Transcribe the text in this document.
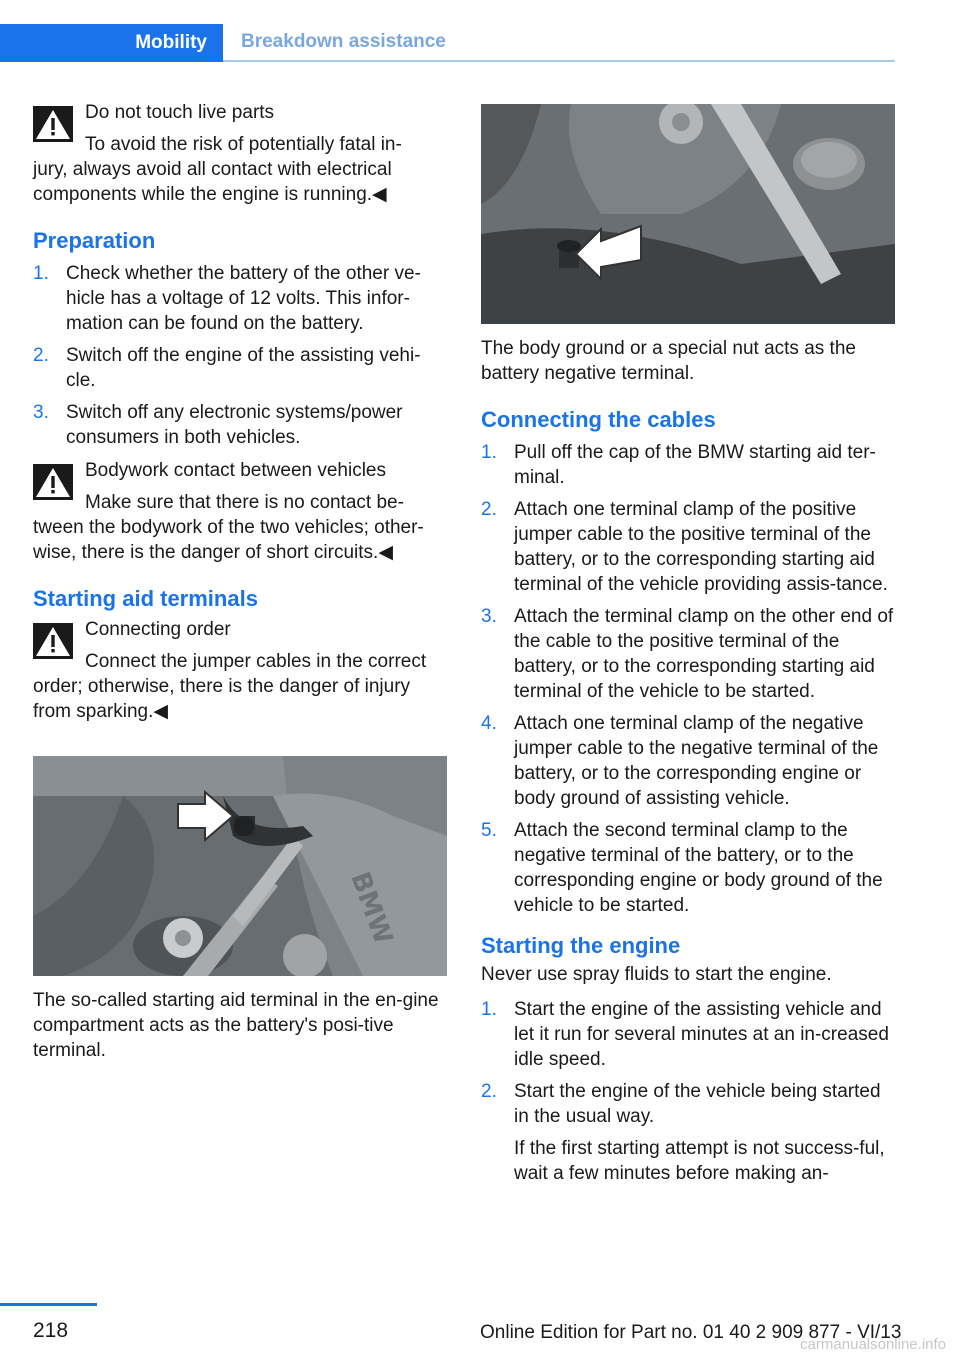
Mobility	Breakdown assistance

Do not touch live parts

To avoid the risk of potentially fatal in-

jury, always avoid all contact with electrical components while the engine is running.◀

Preparation
1. Check whether the battery of the other ve‐hicle has a voltage of 12 volts. This infor‐mation can be found on the battery.
2. Switch off the engine of the assisting vehi‐cle.
3. Switch off any electronic systems/power consumers in both vehicles.

Bodywork contact between vehicles

Make sure that there is no contact be‐

tween the bodywork of the two vehicles; other‐wise, there is the danger of short circuits.◀

Starting aid terminals

Connecting order

Connect the jumper cables in the correct

order; otherwise, there is the danger of injury from sparking.◀

BMW

The so-called starting aid terminal in the en‐gine compartment acts as the battery's posi‐tive terminal.

The body ground or a special nut acts as the battery negative terminal.

Connecting the cables
1. Pull off the cap of the BMW starting aid ter‐minal.
2. Attach one terminal clamp of the positive jumper cable to the positive terminal of the battery, or to the corresponding starting aid terminal of the vehicle providing assis‐tance.
3. Attach the terminal clamp on the other end of the cable to the positive terminal of the battery, or to the corresponding starting aid terminal of the vehicle to be started.
4. Attach one terminal clamp of the negative jumper cable to the negative terminal of the battery, or to the corresponding engine or body ground of assisting vehicle.
5. Attach the second terminal clamp to the negative terminal of the battery, or to the corresponding engine or body ground of the vehicle to be started.
Starting the engine

Never use spray fluids to start the engine.

1. Start the engine of the assisting vehicle and let it run for several minutes at an in‐creased idle speed.
2. Start the engine of the vehicle being started in the usual way.

If the first starting attempt is not success‐ful, wait a few minutes before making an‐

218	Online Edition for Part no. 01 40 2 909 877 - VI/13
carmanualsonline.info
